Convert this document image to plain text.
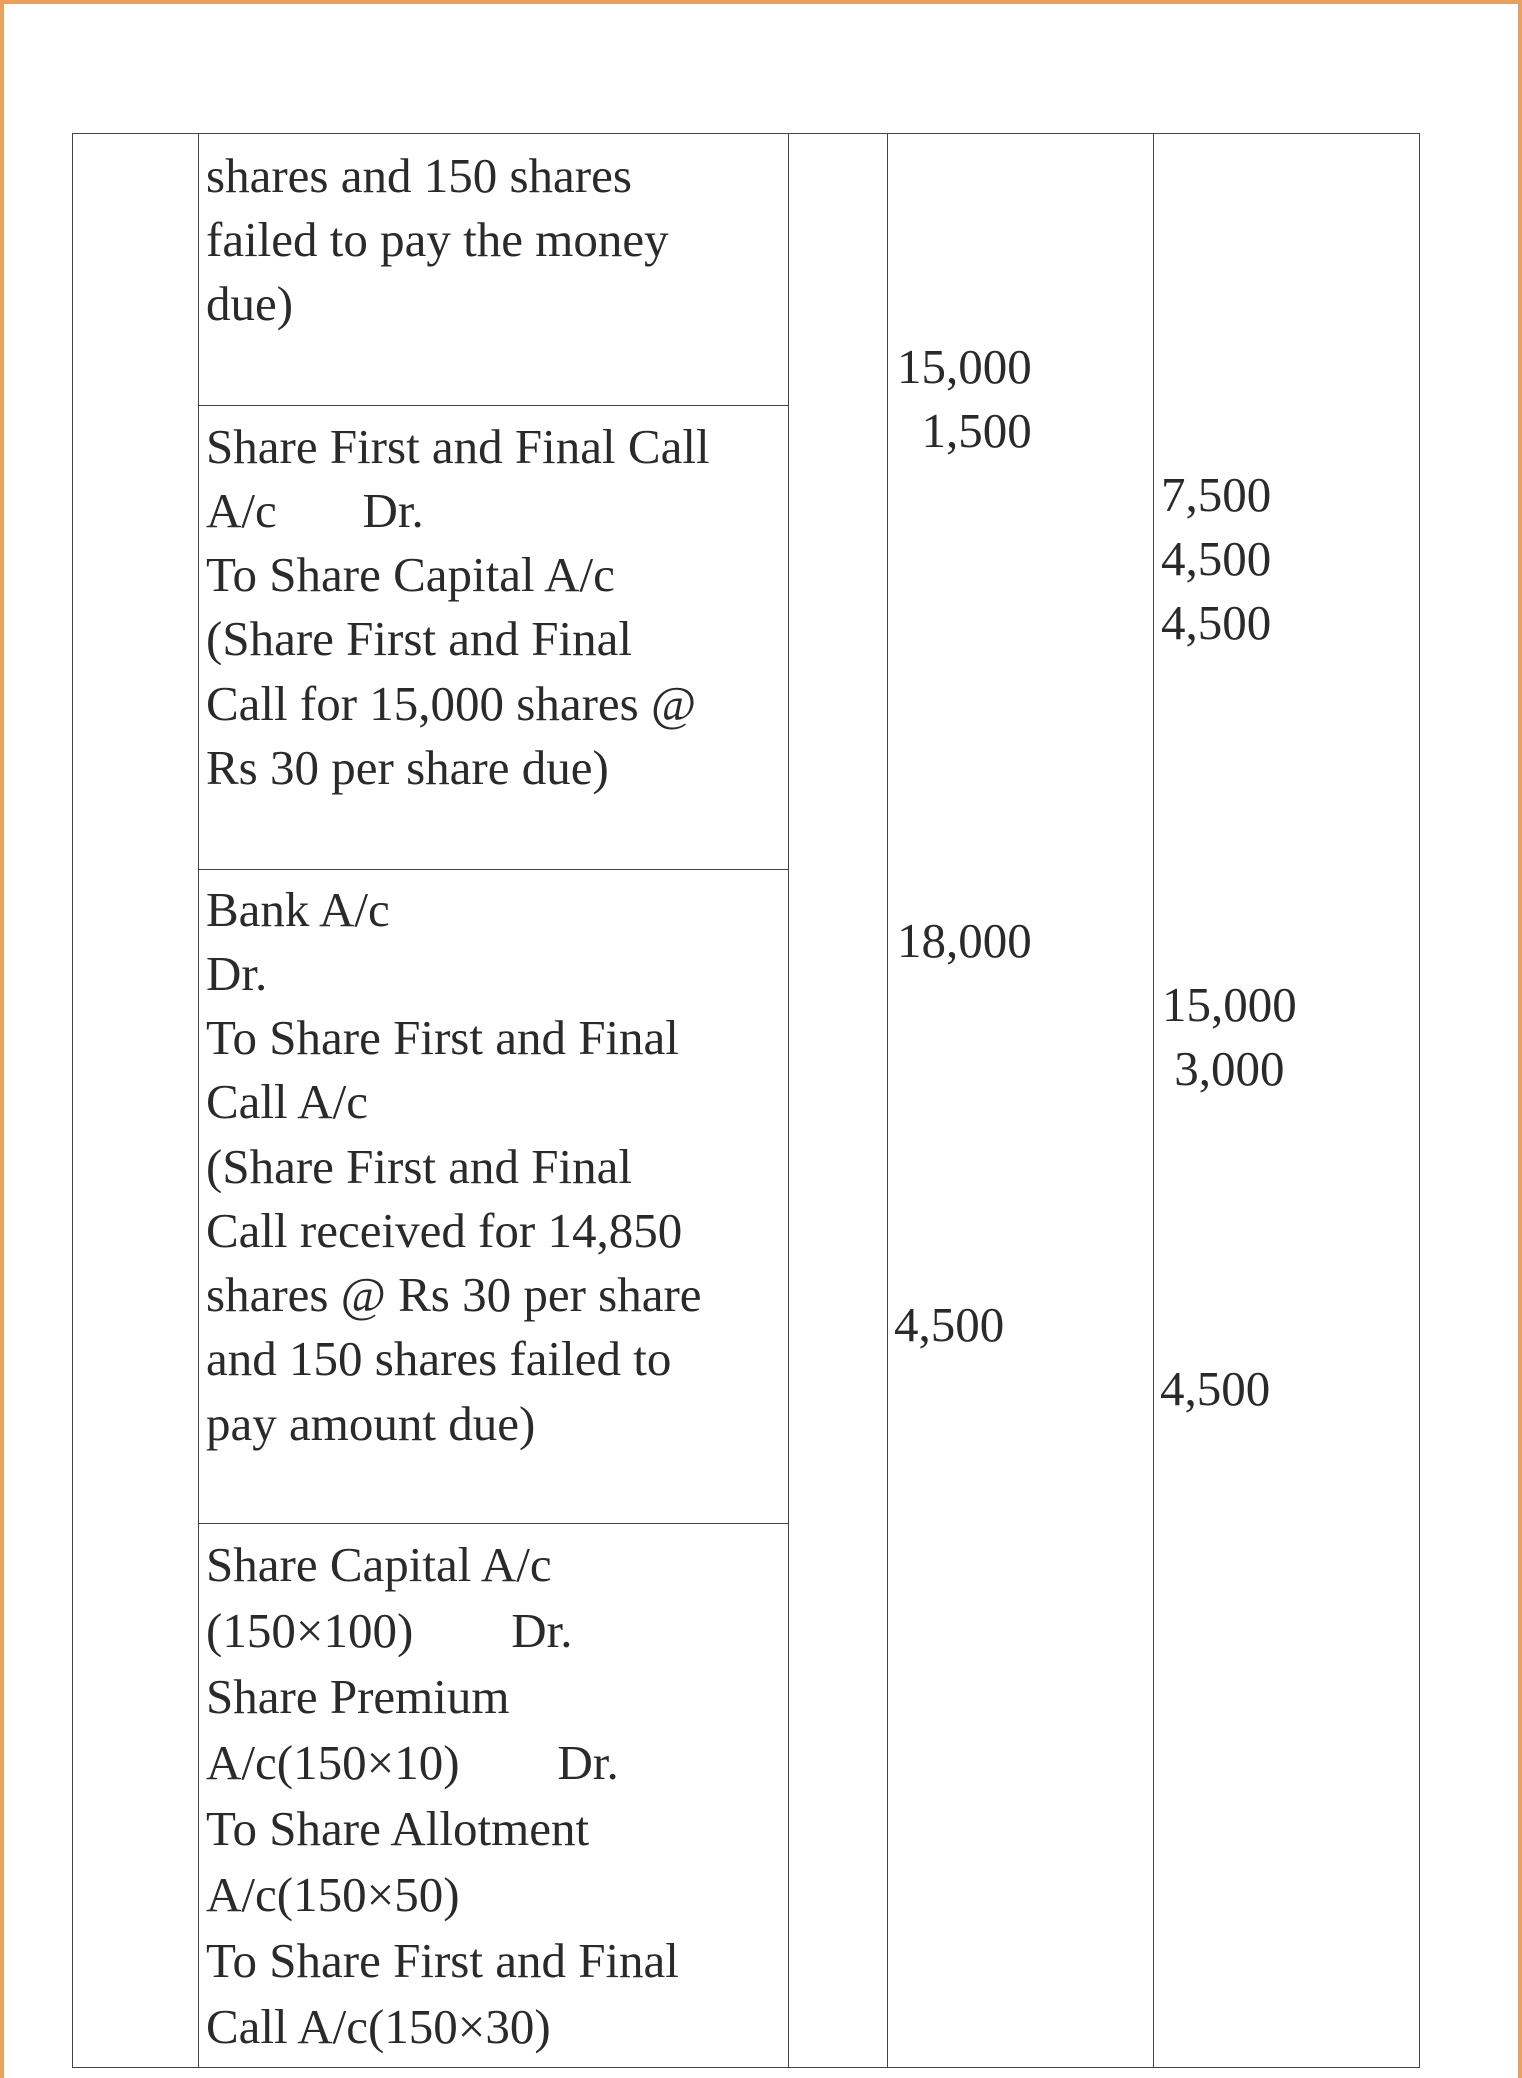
shares and 150 shares
failed to pay the money
due)
Share First and Final Call
A/c       Dr.
To Share Capital A/c
(Share First and Final
Call for 15,000 shares @
Rs 30 per share due)
Bank A/c
Dr.
To Share First and Final
Call A/c
(Share First and Final
Call received for 14,850
shares @ Rs 30 per share
and 150 shares failed to
pay amount due)
Share Capital A/c
(150×100)        Dr.
Share Premium
A/c(150×10)        Dr.
To Share Allotment
A/c(150×50)
To Share First and Final
Call A/c(150×30)
15,000
1,500
18,000
4,500
7,500
4,500
4,500
15,000
3,000
4,500
